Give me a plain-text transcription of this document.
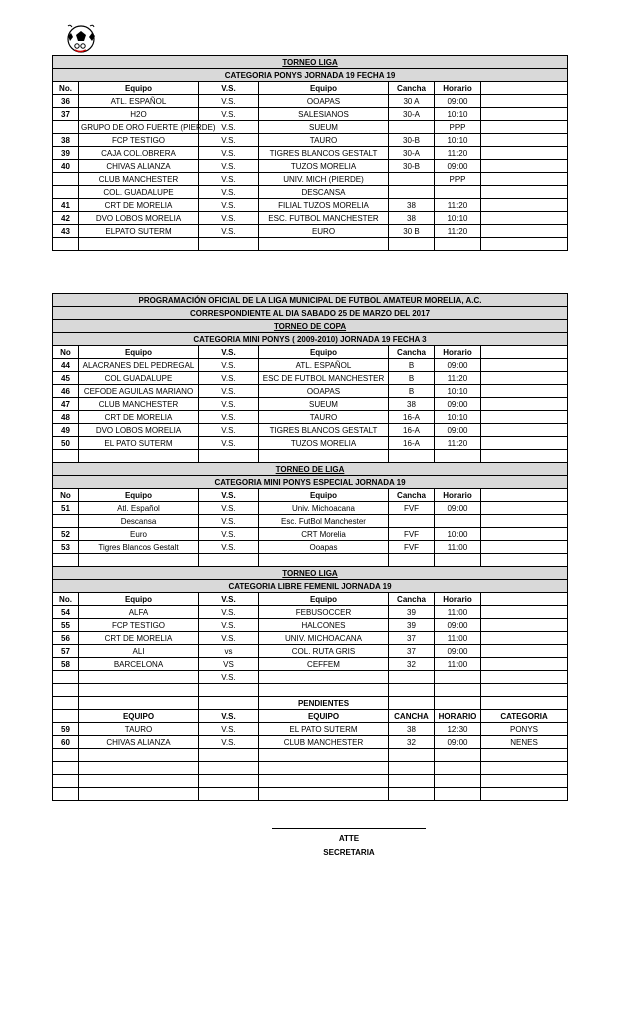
TORNEO LIGA						
CATEGORIA PONYS JORNADA 19 FECHA 19						
No.	Equipo	V.S.	Equipo	Cancha	Horario	
36	ATL. ESPAÑOL	V.S.	OOAPAS	30 A	09:00	
37	H2O	V.S.	SALESIANOS	30-A	10:10	
	GRUPO DE ORO FUERTE (PIERDE)	V.S.	SUEUM		PPP	
38	FCP TESTIGO	V.S.	TAURO	30-B	10:10	
39	CAJA COL.OBRERA	V.S.	TIGRES BLANCOS GESTALT	30-A	11:20	
40	CHIVAS ALIANZA	V.S.	TUZOS MORELIA	30-B	09:00	
	CLUB MANCHESTER	V.S.	UNIV. MICH (PIERDE)		PPP	
	COL. GUADALUPE	V.S.	DESCANSA			
41	CRT DE MORELIA	V.S.	FILIAL TUZOS MORELIA	38	11:20	
42	DVO LOBOS MORELIA	V.S.	ESC. FUTBOL MANCHESTER	38	10:10	
43	ELPATO SUTERM	V.S.	EURO	30 B	11:20	

PROGRAMACIÓN OFICIAL DE LA LIGA MUNICIPAL DE FUTBOL AMATEUR MORELIA, A.C.						
CORRESPONDIENTE AL DIA SABADO 25 DE MARZO DEL 2017						
TORNEO DE COPA						
CATEGORIA MINI PONYS ( 2009-2010) JORNADA 19 FECHA 3						
No	Equipo	V.S.	Equipo	Cancha	Horario	
44	ALACRANES DEL PEDREGAL	V.S.	ATL. ESPAÑOL	B	09:00	
45	COL GUADALUPE	V.S.	ESC DE FUTBOL MANCHESTER	B	11:20	
46	CEFODE AGUILAS MARIANO	V.S.	OOAPAS	B	10:10	
47	CLUB MANCHESTER	V.S.	SUEUM	38	09:00	
48	CRT DE MORELIA	V.S.	TAURO	16-A	10:10	
49	DVO LOBOS MORELIA	V.S.	TIGRES BLANCOS GESTALT	16-A	09:00	
50	EL PATO SUTERM	V.S.	TUZOS MORELIA	16-A	11:20	

TORNEO DE LIGA						
CATEGORIA MINI PONYS ESPECIAL JORNADA 19						
No	Equipo	V.S.	Equipo	Cancha	Horario	
51	Atl. Español	V.S.	Univ. Michoacana	FVF	09:00	
	Descansa	V.S.	Esc. FutBol Manchester			
52	Euro	V.S.	CRT Morelia	FVF	10:00	
53	Tigres Blancos Gestalt	V.S.	Ooapas	FVF	11:00	

TORNEO LIGA						
CATEGORIA LIBRE FEMENIL JORNADA 19						
No.	Equipo	V.S.	Equipo	Cancha	Horario	
54	ALFA	V.S.	FEBUSOCCER	39	11:00	
55	FCP TESTIGO	V.S.	HALCONES	39	09:00	
56	CRT DE MORELIA	V.S.	UNIV. MICHOACANA	37	11:00	
57	ALI	vs	COL. RUTA GRIS	37	09:00	
58	BARCELONA	VS	CEFFEM	32	11:00	
		V.S.				

			PENDIENTES			
	EQUIPO	V.S.	EQUIPO	CANCHA	HORARIO	CATEGORIA
59	TAURO	V.S.	EL PATO SUTERM	38	12:30	PONYS
60	CHIVAS ALIANZA	V.S.	CLUB MANCHESTER	32	09:00	NENES

ATTE
SECRETARIA
